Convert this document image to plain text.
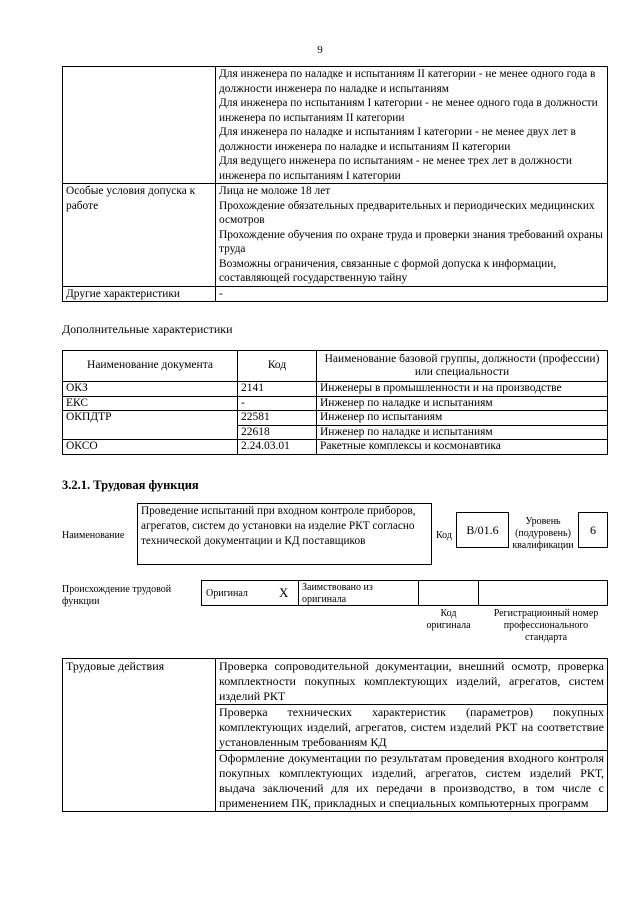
9

	Для инженера по наладке и испытаниям II категории - не менее одного года в должности инженера по наладке и испытаниям
Для инженера по испытаниям I категории - не менее одного года в должности инженера по испытаниям II категории
Для инженера по наладке и испытаниям I категории - не менее двух лет в должности инженера по наладке и испытаниям II категории
Для ведущего инженера по испытаниям - не менее трех лет в должности инженера по испытаниям I категории

Особые условия допуска к работе	Лица не моложе 18 лет
Прохождение обязательных предварительных и периодических медицинских осмотров
Прохождение обучения по охране труда и проверки знания требований охраны труда
Возможны ограничения, связанные с формой допуска к информации, составляющей государственную тайну

Другие характеристики	-
Дополнительные характеристики
Наименование документа	Код	Наименование базовой группы, должности (профессии) или специальности
ОКЗ	2141	Инженеры в промышленности и на производстве
ЕКС	-	Инженер по наладке и испытаниям
ОКПДТР	22581	Инженер по испытаниям
	22618	Инженер по наладке и испытаниям
ОКСО	2.24.03.01	Ракетные комплексы и космонавтика
3.2.1. Трудовая функция
Наименование
Проведение испытаний при входном контроле приборов, агрегатов, систем до установки на изделие РКТ согласно технической документации и КД поставщиков	Код	В/01.6
Уровень (подуровень) квалификации
6
Происхождение трудовой функции
Оригинал X	Заимствовано из оригинала
Код оригинала
Регистрационный номер профессионального стандарта
Трудовые действия	Проверка сопроводительной документации, внешний осмотр, проверка комплектности покупных комплектующих изделий, агрегатов, систем изделий РКТ
Проверка технических характеристик (параметров) покупных комплектующих изделий, агрегатов, систем изделий РКТ на соответствие установленным требованиям КД
Оформление документации по результатам проведения входного контроля покупных комплектующих изделий, агрегатов, систем изделий РКТ, выдача заключений для их передачи в производство, в том числе с применением ПК, прикладных и специальных компьютерных программ
